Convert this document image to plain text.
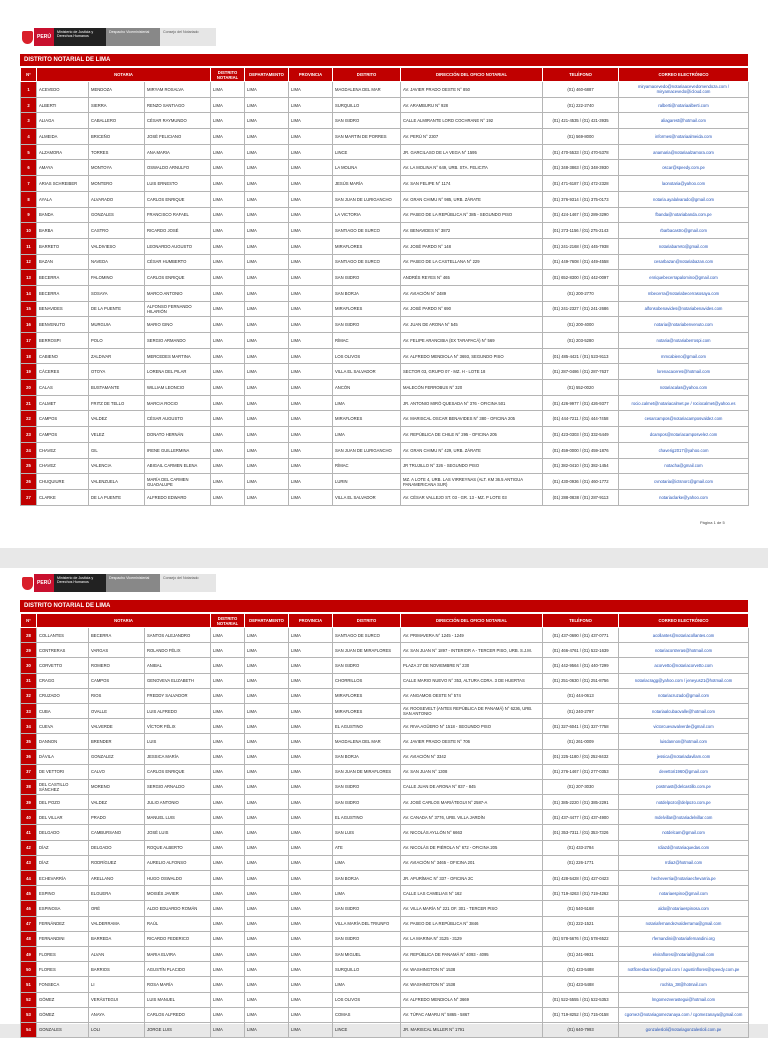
PERÚ
Ministerio de Justicia y Derechos Humanos
Despacho Viceministerial	Consejo del Notariado
DISTRITO NOTARIAL DE LIMA
N°	NOTARIA			DISTRITO NOTARIAL	DEPARTAMENTO	PROVINCIA	DISTRITO	DIRECCIÓN DEL OFICIO NOTARIAL	TELÉFONO	CORREO ELECTRÓNICO
1	ACEVEDO	MENDOZA	MIRYAM ROSALVA	LIMA	LIMA	LIMA	MAGDALENA DEL MAR	AV. JAVIER PRADO OESTE N° 850	(01) 460-6887	miryamacevedo@notariaacevedomendoza.com / miryamacevedo@icloud.com
2	ALBERTI	SIERRA	RENZO SANTIAGO	LIMA	LIMA	LIMA	SURQUILLO	AV. ARAMBURU N° 928	(01) 222-2740	ralberti@notariaalberti.com
3	ALIAGA	CABALLERO	CÉSAR RAYMUNDO	LIMA	LIMA	LIMA	SAN ISIDRO	CALLE ALMIRANTE LORD COCHRANE N° 192	(01) 421-4535 / (01) 421-3935	aliagarest@hotmail.com
4	ALMEIDA	BRICEÑO	JOSÉ FELICIANO	LIMA	LIMA	LIMA	SAN MARTIN DE PORRES	AV. PERÚ N° 2307	(01) 569-8000	informes@notariaalmeida.com
5	ALZAMORA	TORRES	ANA MARIA	LIMA	LIMA	LIMA	LINCE	JR. GARCILASO DE LA VEGA N° 1595	(01) 470-5533 / (01) 470-5378	anamaria@notariaalzamora.com
6	AMAYA	MONTOYA	OSWALDO ARNULFO	LIMA	LIMA	LIMA	LA MOLINA	AV. LA MOLINA N° 649, URB. STA. FELICITA	(01) 348-3863 / (01) 348-3930	oscar@speedy.com.pe
7	ARIAS SCHREIBER	MONTERO	LUIS ERNESTO	LIMA	LIMA	LIMA	JESÚS MARÍA	AV. SAN FELIPE N° 1174	(01) 471-6187 / (01) 472-2328	laonotaria@yahoo.com
8	AYALA	ALVARADO	CARLOS ENRIQUE	LIMA	LIMA	LIMA	SAN JUAN DE LURIGANCHO	AV. GRAN CHIMU N° 985, URB. ZÁRATE	(01) 376-9314 / (01) 375-0173	notaria.ayalalvarado@gmail.com
9	BANDA	GONZALES	FRANCISCO RAFAEL	LIMA	LIMA	LIMA	LA VICTORIA	AV. PASEO DE LA REPÚBLICA N° 385 - SEGUNDO PISO	(01) 424-1467 / (01) 289-3290	fbanda@notariabanda.com.pe
10	BARBA	CASTRO	RICARDO JOSÉ	LIMA	LIMA	LIMA	SANTIAGO DE SURCO	AV. BENAVIDES N° 3872	(01) 273-1156 / (01) 275-2143	rbarbacastro@gmail.com
11	BARRETO	VALDIVIESO	LEONARDO AUGUSTO	LIMA	LIMA	LIMA	MIRAFLORES	AV. JOSÉ PARDO N° 148	(01) 241-2168 / (01) 445-7938	notariabarreto@gmail.com
12	BAZAN	NAVEDA	CÉSAR HUMBERTO	LIMA	LIMA	LIMA	SANTIAGO DE SURCO	AV. PASEO DE LA CASTELLANA N° 229	(01) 449-7608 / (01) 449-4558	cesarbazan@notariabazan.com
13	BECERRA	PALOMINO	CARLOS ENRIQUE	LIMA	LIMA	LIMA	SAN ISIDRO	ANDRÉS REYES N° 465	(01) 652-8300 / (01) 442-0097	enriquebecerrapalomino@gmail.com
14	BECERRA	SOSAYA	MARCO ANTONIO	LIMA	LIMA	LIMA	SAN BORJA	AV. AVIACIÓN N° 2489	(01) 200-2770	mbecerra@notariabecerrasosaya.com
15	BENAVIDES	DE LA PUENTE	ALFONSO FERNANDO HILARIÓN	LIMA	LIMA	LIMA	MIRAFLORES	AV. JOSÉ PARDO N° 690	(01) 241-2327 / (01) 241-2686	alfonsobenavides@notariabenavides.com
16	BENVENUTO	MURGUIA	MARIO GINO	LIMA	LIMA	LIMA	SAN ISIDRO	AV. JUAN DE ARONA N° 545	(01) 200-4000	notaria@notariabenvenuto.com
17	BERROSPI	POLO	SERGIO ARMANDO	LIMA	LIMA	LIMA	RÍMAC	AV. FELIPE ARANCIBIA (EX TARAPACÁ) N° 569	(01) 203-5280	notaria@notariaberrospi.com
18	CABIENO	ZALDIVAR	MERCEDES MARTINA	LIMA	LIMA	LIMA	LOS OLIVOS	AV. ALFREDO MENDIOLA N° 3693, SEGUNDO PISO	(01) 485-4421 / (01) 523-9113	mmcabieno@gmail.com
19	CÁCERES	OTOYA	LORENA DEL PILAR	LIMA	LIMA	LIMA	VILLA EL SALVADOR	SECTOR 03, GRUPO 07 - MZ. H - LOTE 18	(01) 287-0486 / (01) 287-7637	lorenacaceres@hotmail.com
20	CALAS	BUSTAMANTE	WILLIAM LEONCIO	LIMA	LIMA	LIMA	ANCÓN	MALECÓN FERROBUS N° 320	(01) 552-0020	notariacalas@yahoo.com
21	CALMET	FRITZ DE TELLO	MARCIA ROCIO	LIMA	LIMA	LIMA	LIMA	JR. ANTONIO MIRÓ QUESADA N° 376 - OFICINA 501	(01) 426-9977 / (01) 426-9377	rocio.calmet@notariacalmet.pe / rociocalmet@yahoo.es
22	CAMPOS	VALDEZ	CÉSAR AUGUSTO	LIMA	LIMA	LIMA	MIRAFLORES	AV. MARISCAL OSCAR BENAVIDES N° 380 - OFICINA 205	(01) 444-7211 / (01) 444-7458	cesarcampos@notariacamposvaldez.com
23	CAMPOS	VELEZ	DONATO HERNÁN	LIMA	LIMA	LIMA	LIMA	AV. REPÚBLICA DE CHILE N° 295 - OFICINA 205	(01) 423-0303 / (01) 332-5449	dcampos@notariacamposvelez.com
24	CHAVEZ	GIL	IRENE GUILLERMINA	LIMA	LIMA	LIMA	SAN JUAN DE LURIGANCHO	AV. GRAN CHIMU N° 429, URB. ZÁRATE	(01) 459-0000 / (01) 459-1876	chaverig2017@yahoo.com
25	CHAVEZ	VALENCIA	ABIGAIL CARMEN ELENA	LIMA	LIMA	LIMA	RÍMAC	JR TRUJILLO N° 326 - SEGUNDO PISO	(01) 382-0410 / (01) 382-1454	notacha@gmail.com
26	CHUQUIURE	VALENZUELA	MARÍA DEL CARMEN GUADALUPE	LIMA	LIMA	LIMA	LURIN	MZ. A LOTE 4, URB. LAS VIRREYNAS (ALT. KM 36.5 ANTIGUA PANAMERICANA SUR)	(01) 430-0936 / (01) 460-1772	cvnotaria@ictsnorc@gmail.com
27	CLARKE	DE LA PUENTE	ALFREDO EDWARD	LIMA	LIMA	LIMA	VILLA EL SALVADOR	AV. CÉSAR VALLEJO ST. 03 - GR. 13 - MZ. P LOTE 03	(01) 288-0838 / (01) 287-9113	notariaclarke@yahoo.com
Página 1 de 5
PERÚ
Ministerio de Justicia y Derechos Humanos
Despacho Viceministerial	Consejo del Notariado
DISTRITO NOTARIAL DE LIMA
N°	NOTARIA			DISTRITO NOTARIAL	DEPARTAMENTO	PROVINCIA	DISTRITO	DIRECCIÓN DEL OFICIO NOTARIAL	TELÉFONO	CORREO ELECTRÓNICO
28	COLLANTES	BECERRA	SANTOS ALEJANDRO	LIMA	LIMA	LIMA	SANTIAGO DE SURCO	AV. PRIMAVERA N° 1245 - 1249	(01) 437-0690 / (01) 437-0771	acollantes@notariacollantes.com
29	CONTRERAS	VARGAS	ROLANDO FÉLIX	LIMA	LIMA	LIMA	SAN JUAN DE MIRAFLORES	AV. SAN JUAN N° 1897 - INTERIOR A - TERCER PISO, URB. S.J.M.	(01) 466-4761 / (01) 522-1639	notariacontreras@hotmail.com
30	CORVETTO	ROMERO	ANIBAL	LIMA	LIMA	LIMA	SAN ISIDRO	PLAZA 27 DE NOVIEMBRE N° 230	(01) 442-9564 / (01) 440-7299	acorvetto@notariacorvetto.com
31	CRAGG	CAMPOS	GENOVEVA ELIZABETH	LIMA	LIMA	LIMA	CHORRILLOS	CALLE MARIO NUEVO N° 353, ALTURA CDRA. 3 DE HUERTAS	(01) 251-0630 / (01) 251-8756	notariacragg@yahoo.com / jeneyus21@hotmail.com
32	CRUZADO	RIOS	FREDDY SALVADOR	LIMA	LIMA	LIMA	MIRAFLORES	AV. ANGAMOS OESTE N° 574	(01) 444-0613	notariacruzado@gmail.com
33	CUBA	OVALLE	LUIS ALFREDO	LIMA	LIMA	LIMA	MIRAFLORES	AV. ROOSEVELT (ANTES REPÚBLICA DE PANAMÁ) N° 6236, URB. SAN ANTONIO	(01) 240-2797	notariaalcubaovalle@hotmail.com
34	CUEVA	VALVERDE	VÍCTOR FÉLIX	LIMA	LIMA	LIMA	EL AGUSTINO	AV. RIVA AGÜERO N° 1518 - SEGUNDO PISO	(01) 327-6041 / (01) 327-7758	victorcuevavalverde@gmail.com
35	DANNON	BRENDER	LUIS	LIMA	LIMA	LIMA	MAGDALENA DEL MAR	AV. JAVIER PRADO OESTE N° 706	(01) 261-0009	luisdannon@hotmail.com
36	DÁVILA	GONZALEZ	JESSICA MARÍA	LIMA	LIMA	LIMA	SAN BORJA	AV. AVIACIÓN N° 3342	(01) 225-1180 / (01) 252-8432	jessica@notariadavilam.com
37	DE VETTORI	CALVO	CARLOS ENRIQUE	LIMA	LIMA	LIMA	SAN JUAN DE MIRAFLORES	AV. SAN JUAN N° 1308	(01) 276-1467 / (01) 277-0353	devettori1960@gmail.com
38	DEL CASTILLO SÁNCHEZ	MORENO	SERGIO ARNALDO	LIMA	LIMA	LIMA	SAN ISIDRO	CALLE JUAN DE ARONA N° 837 - 845	(01) 207-3030	postmast@delcastillo.com.pe
39	DEL POZO	VALDEZ	JULIO ANTONIO	LIMA	LIMA	LIMA	SAN ISIDRO	AV. JOSÉ CARLOS MARIÁTEGUI N° 2587-A	(01) 385-2220 / (01) 385-2291	notdelpozo@delpozo.com.pe
40	DEL VILLAR	PRADO	MANUEL LUIS	LIMA	LIMA	LIMA	EL AGUSTINO	AV. CANADA N° 3776, URB. VILLA JARDÍN	(01) 437-4477 / (01) 437-4900	mdelvillar@notariadelvillar.com
41	DELGADO	CAMBURSANO	JOSÉ LUIS	LIMA	LIMA	LIMA	SAN LUIS	AV. NICOLÁS AYLLÓN N° 6663	(01) 353-7311 / (01) 353-7326	notdelcam@gmail.com
42	DÍAZ	DELGADO	ROQUE ALBERTO	LIMA	LIMA	LIMA	ATE	AV. NICOLÁS DE PIÉROLA N° 672 - OFICINA 205	(01) 433-2784	rdiazd@notariaquedas.com
43	DÍAZ	RODRÍGUEZ	AURELIO ALFONSO	LIMA	LIMA	LIMA	LIMA	AV. AVIACIÓN N° 3465 - OFICINA 201	(01) 226-1771	rrdiaz@hotmail.com
44	ECHEVARRÍA	ARELLANO	HUGO OSWALDO	LIMA	LIMA	LIMA	SAN BORJA	JR. APURÍMAC N° 337 - OFICINA 2C	(01) 428-5428 / (01) 427-0423	hecheverria@notariaechevarria.pe
45	ESPINO	ELGUERA	MOISÉS JAVIER	LIMA	LIMA	LIMA	LIMA	CALLE LAS CAMELIAS N° 162	(01) 719-4263 / (01) 719-4262	notariaespino@gmail.com
46	ESPINOSA	ORÉ	ALDO EDUARDO ROMÁN	LIMA	LIMA	LIMA	SAN ISIDRO	AV. VILLA MARÍA N° 221 OF. 301 - TERCER PISO	(01) 540-5168	aldo@notariaespinosa.com
47	FERNÁNDEZ	VALDERRAMA	RAÚL	LIMA	LIMA	LIMA	VILLA MARÍA DEL TRIUNFO	AV. PASEO DE LA REPÚBLICA N° 3846	(01) 222-1521	notariafernandezvalderrama@gmail.com
48	FERNANDINI	BARREDA	RICARDO FEDERICO	LIMA	LIMA	LIMA	SAN ISIDRO	AV. LA MARINA N° 3125 - 3129	(01) 578-5676 / (01) 578-6522	rfernandini@notariafernandini.org
49	FLORES	ALVAN	MARIA ELVIRA	LIMA	LIMA	LIMA	SAN MIGUEL	AV. REPÚBLICA DE PANAMÁ N° 4093 - 4095	(01) 241-9931	elviraflores@notarial@gmail.com
50	FLORES	BARRIOS	AGUSTÍN PLACIDO	LIMA	LIMA	LIMA	SURQUILLO	AV. WASHINGTON N° 1538	(01) 423-5488	notfloresbarrios@gmail.com / agustinflores@speedy.com.pe
51	FONSECA	LI	ROSA MARÍA	LIMA	LIMA	LIMA	LIMA	AV. WASHINGTON N° 1538	(01) 423-5488	rochita_38@hotmail.com
52	GÓMEZ	VERÁSTEGUI	LUIS MANUEL	LIMA	LIMA	LIMA	LOS OLIVOS	AV. ALFREDO MENDIOLA N° 3669	(01) 522-5555 / (01) 522-5353	lmgomezverastegui@hotmail.com
53	GÓMEZ	ANAYA	CARLOS ALFREDO	LIMA	LIMA	LIMA	COMAS	AV. TÚPAC AMARU N° 5865 - 5867	(01) 719-8252 / (01) 715-0158	cgomez@notariagomezanaya.com / cgomezanaya@gmail.com
54	GONZALES	LOLI	JORGE LUIS	LIMA	LIMA	LIMA	LINCE	JR. MARISCAL MILLER N° 1791	(01) 640-7993	gonzalesloli@notariagonzalesloli.com.pe
